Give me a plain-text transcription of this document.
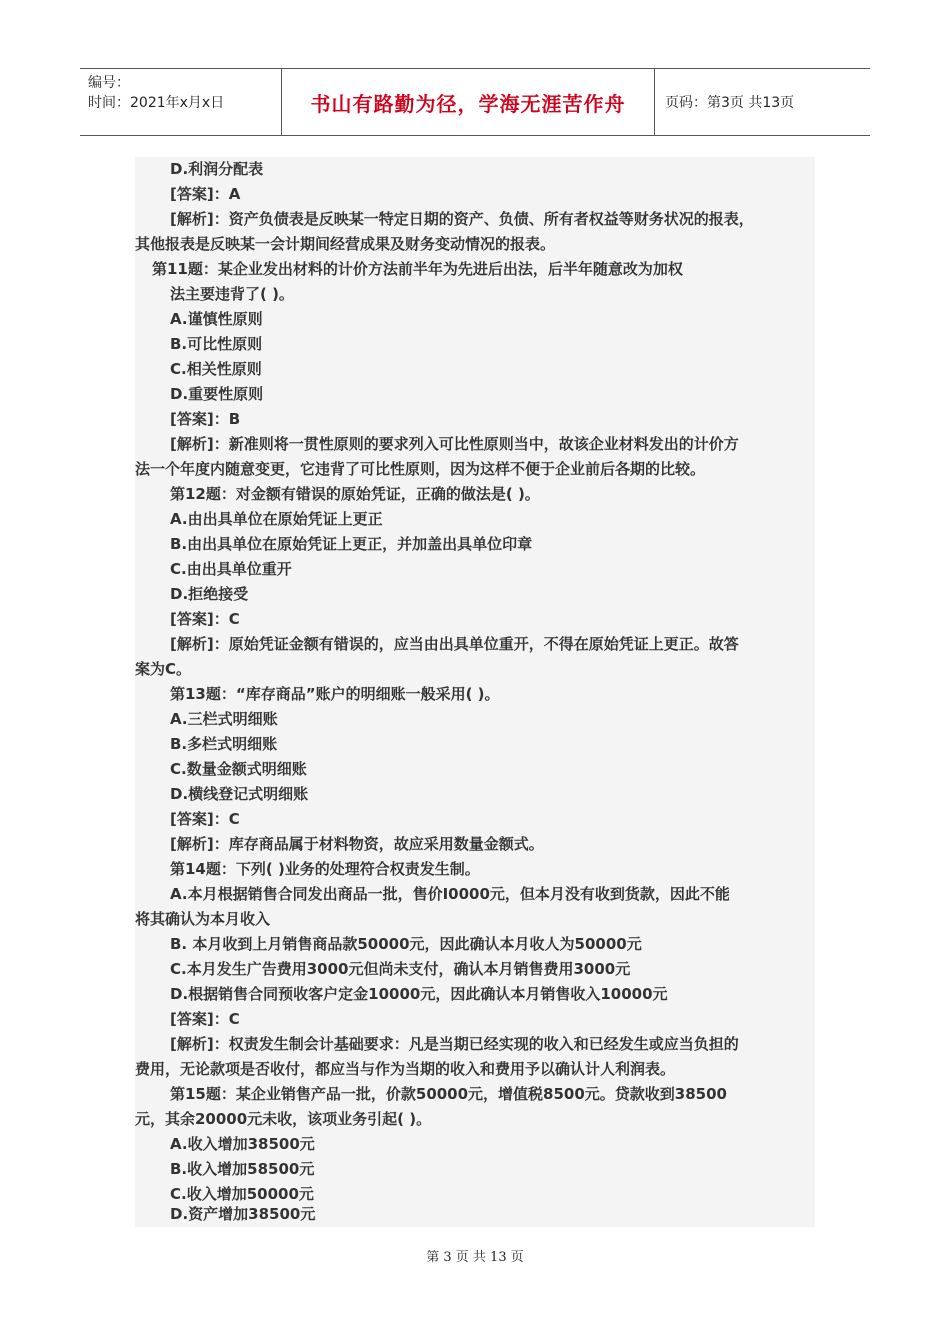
编号：
时间：2021年x月x日	书山有路勤为径，学海无涯苦作舟	页码：第3页 共13页
D.利润分配表
[答案]：A
[解析]：资产负债表是反映某一特定日期的资产、负债、所有者权益等财务状况的报表，
其他报表是反映某一会计期间经营成果及财务变动情况的报表。
第11题：某企业发出材料的计价方法前半年为先进后出法，后半年随意改为加权
法主要违背了( )。
A.谨慎性原则
B.可比性原则
C.相关性原则
D.重要性原则
[答案]：B
[解析]：新准则将一贯性原则的要求列入可比性原则当中，故该企业材料发出的计价方
法一个年度内随意变更，它违背了可比性原则，因为这样不便于企业前后各期的比较。
第12题：对金额有错误的原始凭证，正确的做法是( )。
A.由出具单位在原始凭证上更正
B.由出具单位在原始凭证上更正，并加盖出具单位印章
C.由出具单位重开
D.拒绝接受
[答案]：C
[解析]：原始凭证金额有错误的，应当由出具单位重开，不得在原始凭证上更正。故答
案为C。
第13题：“库存商品”账户的明细账一般采用( )。
A.三栏式明细账
B.多栏式明细账
C.数量金额式明细账
D.横线登记式明细账
[答案]：C
[解析]：库存商品属于材料物资，故应采用数量金额式。
第14题：下列( )业务的处理符合权责发生制。
A.本月根据销售合同发出商品一批，售价I0000元，但本月没有收到货款，因此不能
将其确认为本月收入
B. 本月收到上月销售商品款50000元，因此确认本月收人为50000元
C.本月发生广告费用3000元但尚未支付，确认本月销售费用3000元
D.根据销售合同预收客户定金10000元，因此确认本月销售收入10000元
[答案]：C
[解析]：权责发生制会计基础要求：凡是当期已经实现的收入和已经发生或应当负担的
费用，无论款项是否收付，都应当与作为当期的收入和费用予以确认计人利润表。
第15题：某企业销售产品一批，价款50000元，增值税8500元。贷款收到38500
元，其余20000元未收，该项业务引起( )。
A.收入增加38500元
B.收入增加58500元
C.收入增加50000元
D.资产增加38500元
第 3 页 共 13 页
